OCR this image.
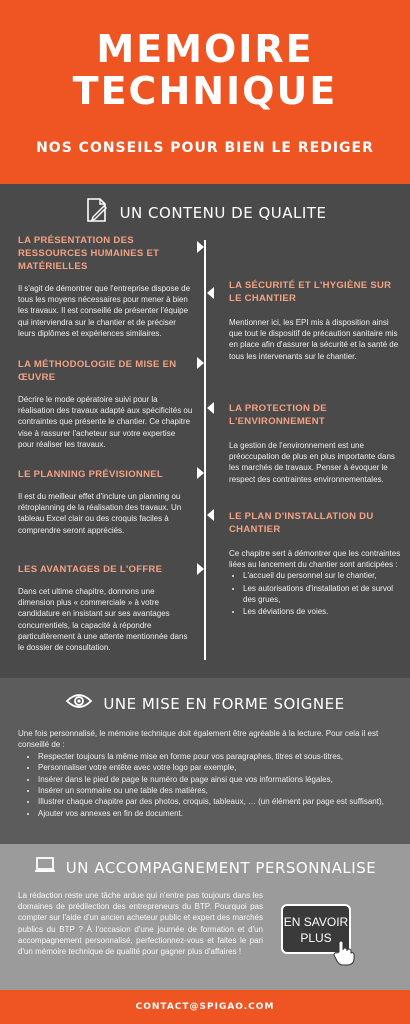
MEMOIRE
TECHNIQUE
NOS CONSEILS POUR BIEN LE REDIGER
UN CONTENU DE QUALITE
LA PRÉSENTATION DES RESSOURCES HUMAINES ET MATÉRIELLES
Il s'agit de démontrer que l'entreprise dispose de tous les moyens nécessaires pour mener à bien les travaux. Il est conseillé de présenter l'équipe qui interviendra sur le chantier et de préciser leurs diplômes et expériences similaires.
LA MÉTHODOLOGIE DE MISE EN ŒUVRE
Décrire le mode opératoire suivi pour la réalisation des travaux adapté aux spécificités ou contraintes que présente le chantier. Ce chapitre vise à rassurer l'acheteur sur votre expertise pour réaliser les travaux.
LE PLANNING PRÉVISIONNEL
Il est du meilleur effet d'inclure un planning ou rétroplanning de la réalisation des travaux. Un tableau Excel clair ou des croquis faciles à comprendre seront appréciés.
LES AVANTAGES DE L'OFFRE
Dans cet ultime chapitre, donnons une dimension plus « commerciale » à votre candidature en insistant sur ses avantages concurrentiels, la capacité à répondre particulièrement à une attente mentionnée dans le dossier de consultation.
LA SÉCURITÉ ET L'HYGIÈNE SUR LE CHANTIER
Mentionner ici, les EPI mis à disposition ainsi que tout le dispositif de précaution sanitaire mis en place afin d'assurer la sécurité et la santé de tous les intervenants sur le chantier.
LA PROTECTION DE L'ENVIRONNEMENT
La gestion de l'environnement est une préoccupation de plus en plus importante dans les marchés de travaux. Penser à évoquer le respect des contraintes environnementales.
LE PLAN D'INSTALLATION DU CHANTIER
Ce chapitre sert à démontrer que les contraintes liées au lancement du chantier sont anticipées :
• L'accueil du personnel sur le chantier,
• Les autorisations d'installation et de survol des grues,
• Les déviations de voies.
UNE MISE EN FORME SOIGNEE
Une fois personnalisé, le mémoire technique doit également être agréable à la lecture. Pour cela il est conseillé de :
• Respecter toujours la même mise en forme pour vos paragraphes, titres et sous-titres,
• Personnaliser votre entête avec votre logo par exemple,
• Insérer dans le pied de page le numéro de page ainsi que vos informations légales,
• Insérer un sommaire ou une table des matières,
• Illustrer chaque chapitre par des photos, croquis, tableaux, … (un élément par page est suffisant),
• Ajouter vos annexes en fin de document.
UN ACCOMPAGNEMENT PERSONNALISE
La rédaction reste une tâche ardue qui n'entre pas toujours dans les domaines de prédilection des entrepreneurs du BTP. Pourquoi pas compter sur l'aide d'un ancien acheteur public et expert des marchés publics du BTP ? À l'occasion d'une journée de formation et d'un accompagnement personnalisé, perfectionnez-vous et faites le pari d'un mémoire technique de qualité pour gagner plus d'affaires !
EN SAVOIR
PLUS
CONTACT@SPIGAO.COM
